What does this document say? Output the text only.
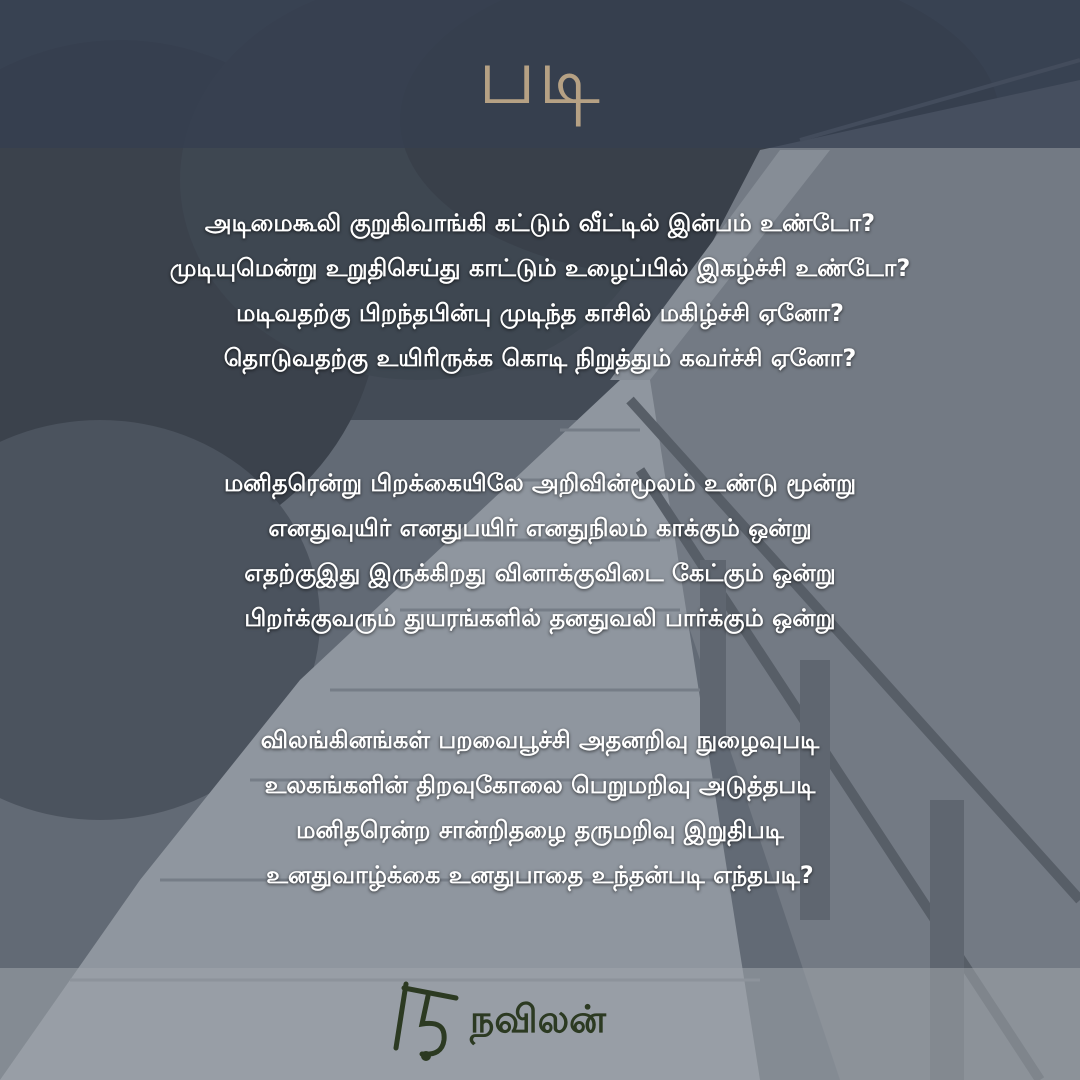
படி
அடிமைகூலி குறுகிவாங்கி கட்டும் வீட்டில் இன்பம் உண்டோ?
முடியுமென்று உறுதிசெய்து காட்டும் உழைப்பில் இகழ்ச்சி உண்டோ?
மடிவதற்கு பிறந்தபின்பு முடிந்த காசில் மகிழ்ச்சி ஏனோ?
தொடுவதற்கு உயிரிருக்க கொடி நிறுத்தும் கவர்ச்சி ஏனோ?
மனிதரென்று பிறக்கையிலே அறிவின்மூலம் உண்டு மூன்று
எனதுவுயிர் எனதுபயிர் எனதுநிலம் காக்கும் ஒன்று
எதற்குஇது இருக்கிறது வினாக்குவிடை கேட்கும் ஒன்று
பிறர்க்குவரும் துயரங்களில் தனதுவலி பார்க்கும் ஒன்று
விலங்கினங்கள் பறவைபூச்சி அதனறிவு நுழைவுபடி
உலகங்களின் திறவுகோலை பெறுமறிவு அடுத்தபடி
மனிதரென்ற சான்றிதழை தருமறிவு இறுதிபடி
உனதுவாழ்க்கை உனதுபாதை உந்தன்படி எந்தபடி?
நவிலன்
